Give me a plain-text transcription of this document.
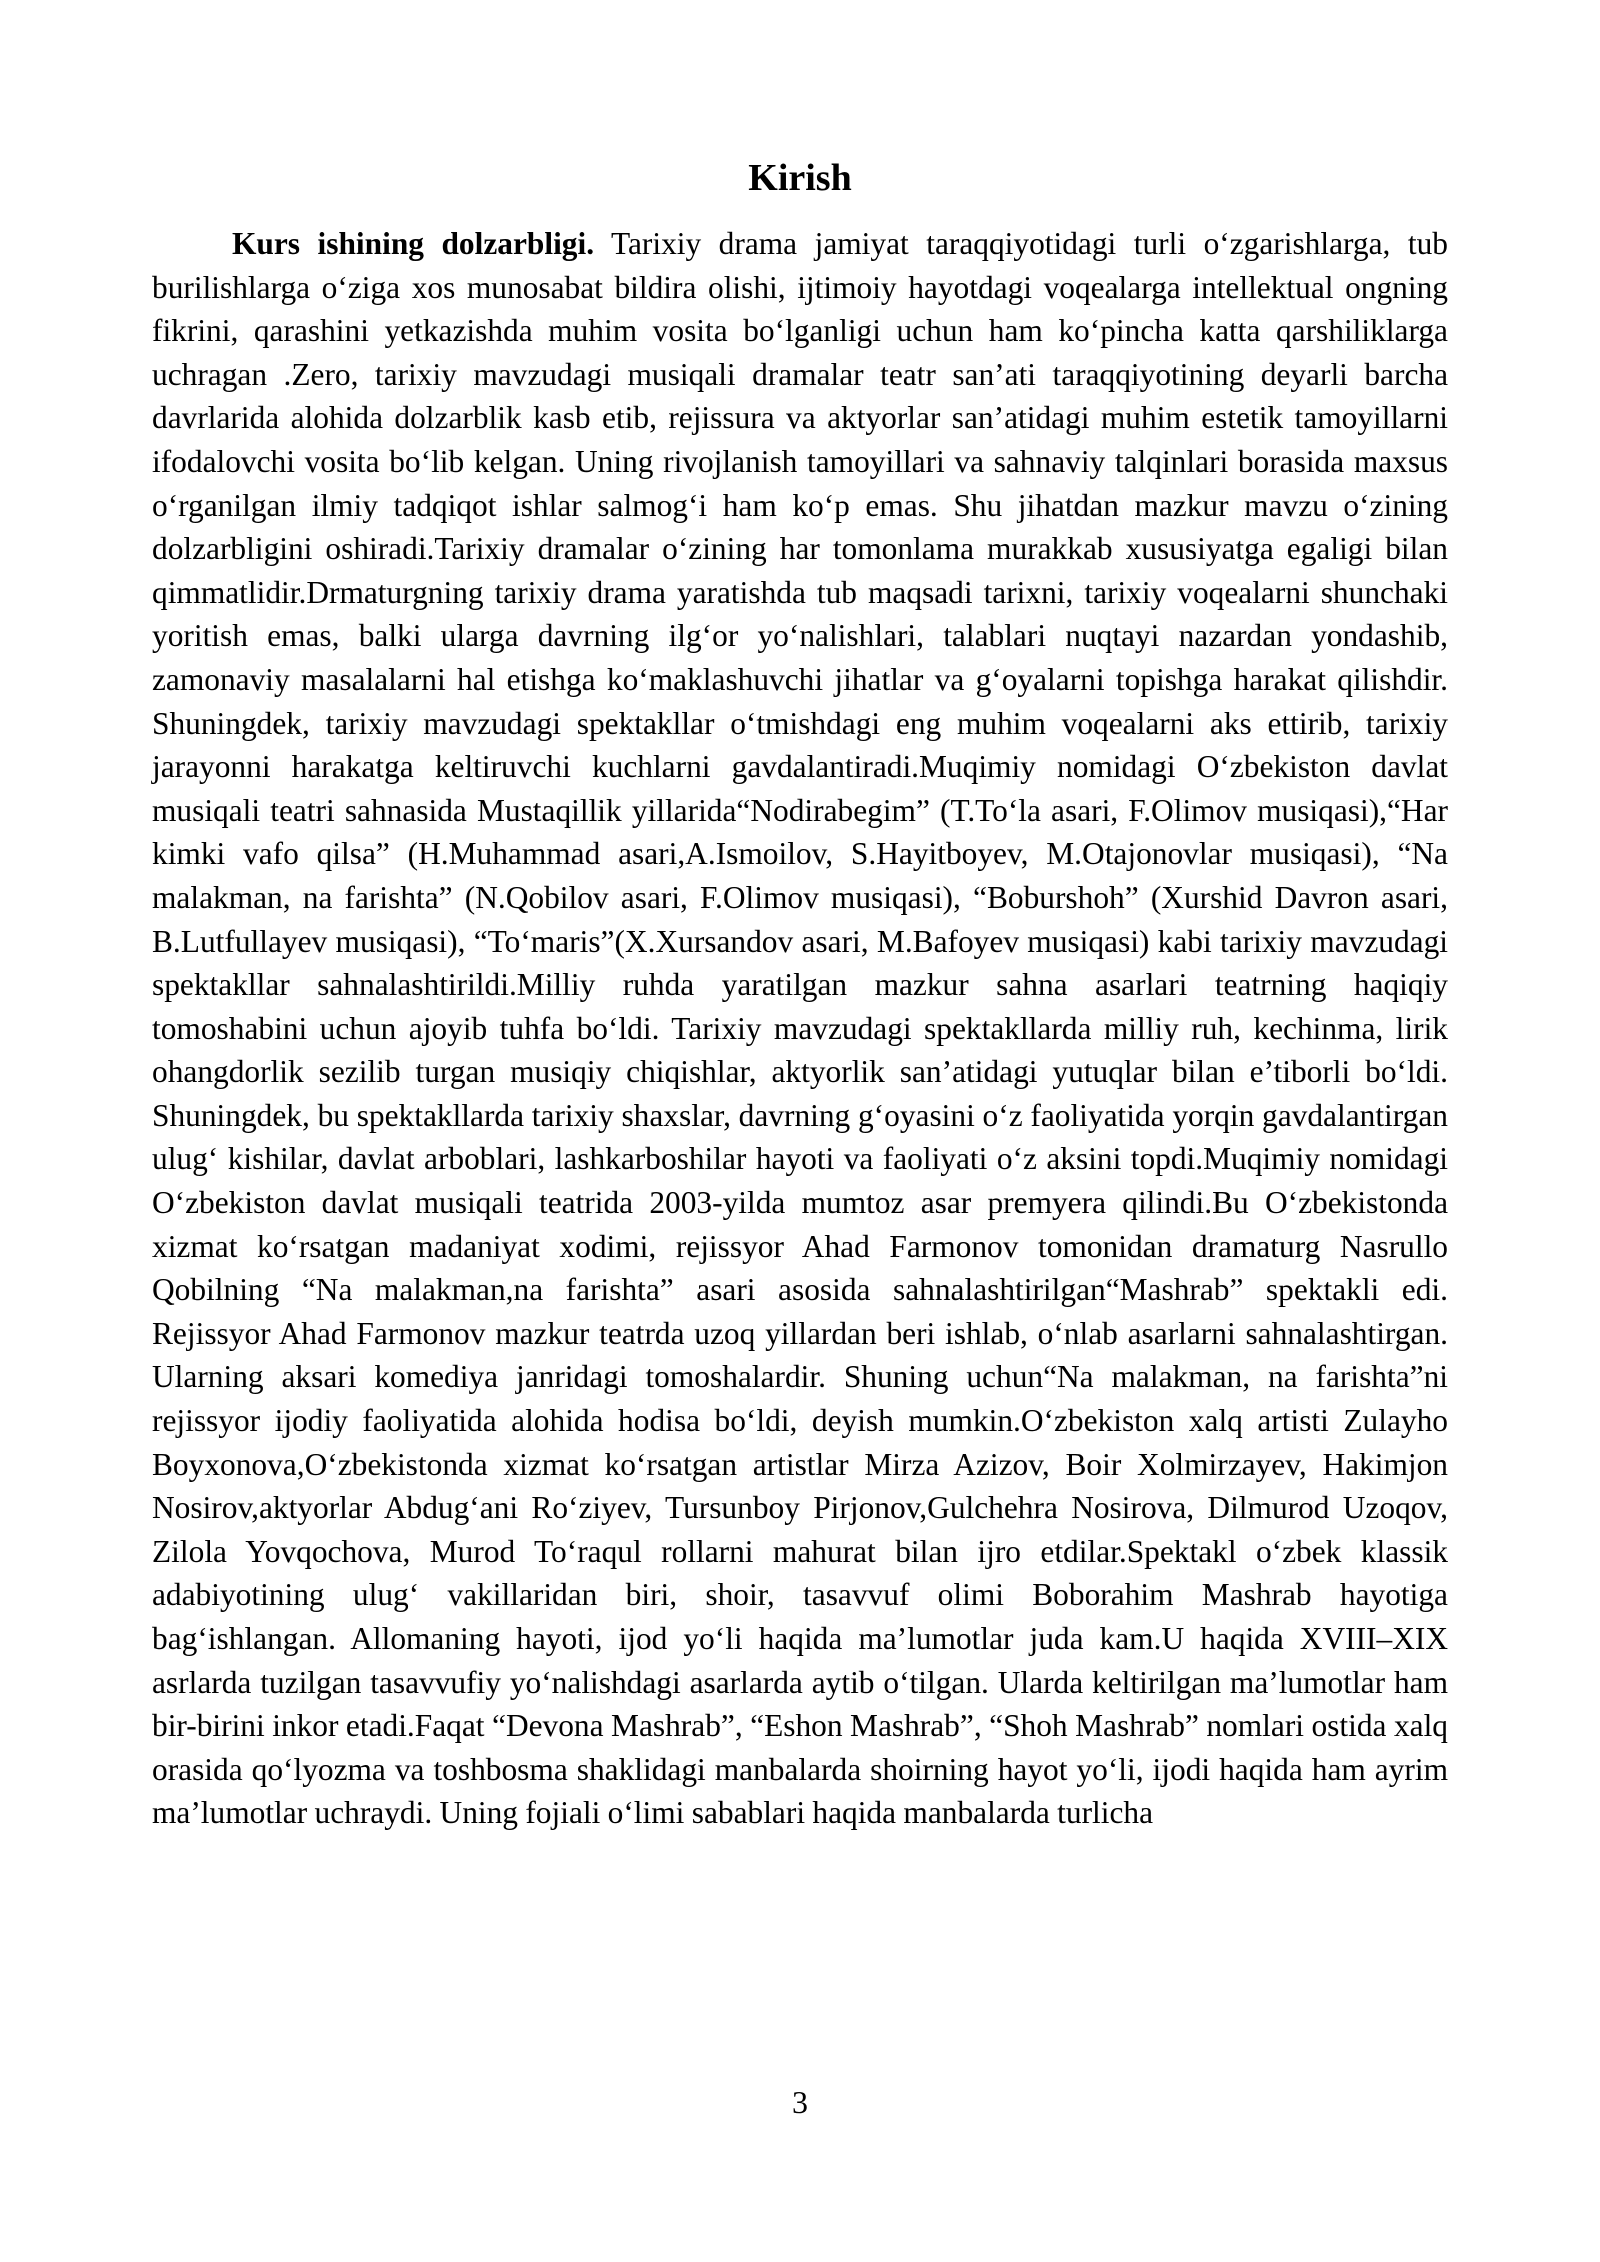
Kirish

Kurs ishining dolzarbligi. Tarixiy drama jamiyat taraqqiyotidagi turli o‘zgarishlarga, tub burilishlarga o‘ziga xos munosabat bildira olishi, ijtimoiy hayotdagi voqealarga intellektual ongning fikrini, qarashini yetkazishda muhim vosita bo‘lganligi uchun ham ko‘pincha katta qarshiliklarga uchragan .Zero, tarixiy mavzudagi musiqali dramalar teatr san’ati taraqqiyotining deyarli barcha davrlarida alohida dolzarblik kasb etib, rejissura va aktyorlar san’atidagi muhim estetik tamoyillarni ifodalovchi vosita bo‘lib kelgan. Uning rivojlanish tamoyillari va sahnaviy talqinlari borasida maxsus o‘rganilgan ilmiy tadqiqot ishlar salmog‘i ham ko‘p emas. Shu jihatdan mazkur mavzu o‘zining dolzarbligini oshiradi.Tarixiy dramalar o‘zining har tomonlama murakkab xususiyatga egaligi bilan qimmatlidir.Drmaturgning tarixiy drama yaratishda tub maqsadi tarixni, tarixiy voqealarni shunchaki yoritish emas, balki ularga davrning ilg‘or yo‘nalishlari, talablari nuqtayi nazardan yondashib, zamonaviy masalalarni hal etishga ko‘maklashuvchi jihatlar va g‘oyalarni topishga harakat qilishdir. Shuningdek, tarixiy mavzudagi spektakllar o‘tmishdagi eng muhim voqealarni aks ettirib, tarixiy jarayonni harakatga keltiruvchi kuchlarni gavdalantiradi.Muqimiy nomidagi O‘zbekiston davlat musiqali teatri sahnasida Mustaqillik yillarida“Nodirabegim” (T.To‘la asari, F.Olimov musiqasi),“Har kimki vafo qilsa” (H.Muhammad asari,A.Ismoilov, S.Hayitboyev, M.Otajonovlar musiqasi), “Na malakman, na farishta” (N.Qobilov asari, F.Olimov musiqasi), “Boburshoh” (Xurshid Davron asari, B.Lutfullayev musiqasi), “To‘maris”(X.Xursandov asari, M.Bafoyev musiqasi) kabi tarixiy mavzudagi spektakllar sahnalashtirildi.Milliy ruhda yaratilgan mazkur sahna asarlari teatrning haqiqiy tomoshabini uchun ajoyib tuhfa bo‘ldi. Tarixiy mavzudagi spektakllarda milliy ruh, kechinma, lirik ohangdorlik sezilib turgan musiqiy chiqishlar, aktyorlik san’atidagi yutuqlar bilan e’tiborli bo‘ldi. Shuningdek, bu spektakllarda tarixiy shaxslar, davrning g‘oyasini o‘z faoliyatida yorqin gavdalantirgan ulug‘ kishilar, davlat arboblari, lashkarboshilar hayoti va faoliyati o‘z aksini topdi.Muqimiy nomidagi O‘zbekiston davlat musiqali teatrida 2003-yilda mumtoz asar premyera qilindi.Bu O‘zbekistonda xizmat ko‘rsatgan madaniyat xodimi, rejissyor Ahad Farmonov tomonidan dramaturg Nasrullo Qobilning “Na malakman,na farishta” asari asosida sahnalashtirilgan“Mashrab” spektakli edi. Rejissyor Ahad Farmonov mazkur teatrda uzoq yillardan beri ishlab, o‘nlab asarlarni sahnalashtirgan. Ularning aksari komediya janridagi tomoshalardir. Shuning uchun“Na malakman, na farishta”ni rejissyor ijodiy faoliyatida alohida hodisa bo‘ldi, deyish mumkin.O‘zbekiston xalq artisti Zulayho Boyxonova,O‘zbekistonda xizmat ko‘rsatgan artistlar Mirza Azizov, Boir Xolmirzayev, Hakimjon Nosirov,aktyorlar Abdug‘ani Ro‘ziyev, Tursunboy Pirjonov,Gulchehra Nosirova, Dilmurod Uzoqov, Zilola Yovqochova, Murod To‘raqul rollarni mahurat bilan ijro etdilar.Spektakl o‘zbek klassik adabiyotining ulug‘ vakillaridan biri, shoir, tasavvuf olimi Boborahim Mashrab hayotiga bag‘ishlangan. Allomaning hayoti, ijod yo‘li haqida ma’lumotlar juda kam.U haqida XVIII–XIX asrlarda tuzilgan tasavvufiy yo‘nalishdagi asarlarda aytib o‘tilgan. Ularda keltirilgan ma’lumotlar ham bir-birini inkor etadi.Faqat “Devona Mashrab”, “Eshon Mashrab”, “Shoh Mashrab” nomlari ostida xalq orasida qo‘lyozma va toshbosma shaklidagi manbalarda shoirning hayot yo‘li, ijodi haqida ham ayrim ma’lumotlar uchraydi. Uning fojiali o‘limi sabablari haqida manbalarda turlicha

3
